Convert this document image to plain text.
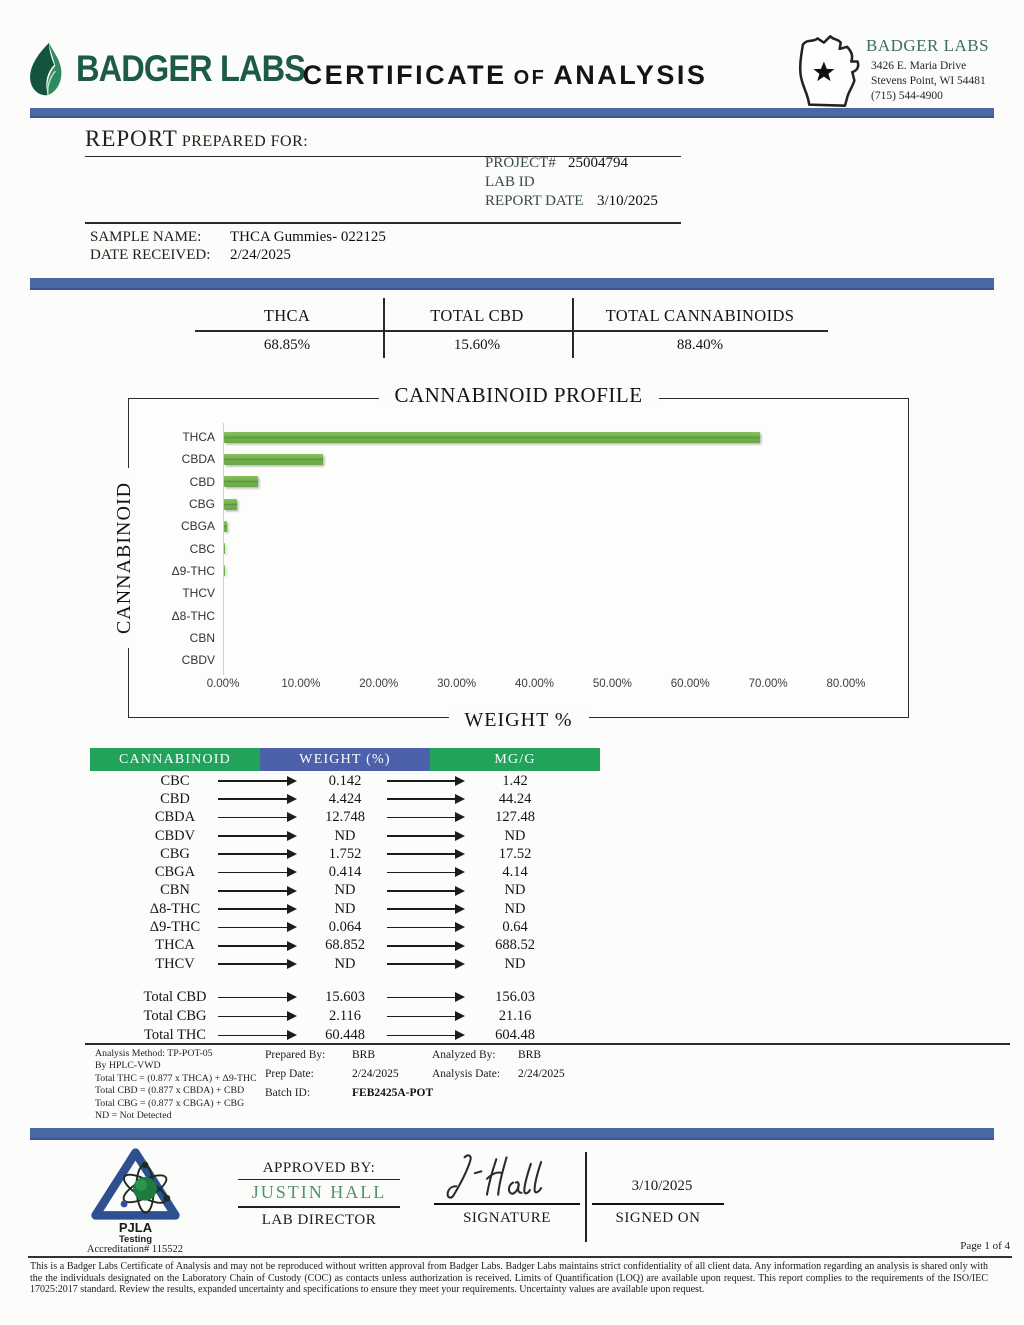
BADGER LABS
CERTIFICATE OF ANALYSIS
BADGER LABS
3426 E. Maria Drive
Stevens Point, WI 54481
(715) 544-4900
REPORT PREPARED FOR:
PROJECT# 25004794
LAB ID
REPORT DATE 3/10/2025
SAMPLE NAME: THCA Gummies- 022125
DATE RECEIVED: 2/24/2025
THCA	TOTAL CBD	TOTAL CANNABINOIDS
68.85%	15.60%	88.40%
CANNABINOID PROFILE
CANNABINOID
THCA
CBDA
CBD
CBG
CBGA
CBC
Δ9-THC
THCV
Δ8-THC
CBN
CBDV
0.00%	10.00%	20.00%	30.00%	40.00%	50.00%	60.00%	70.00%	80.00%
WEIGHT %
CANNABINOID	WEIGHT (%)	MG/G
CBC	0.142	1.42
CBD	4.424	44.24
CBDA	12.748	127.48
CBDV	ND	ND
CBG	1.752	17.52
CBGA	0.414	4.14
CBN	ND	ND
Δ8-THC	ND	ND
Δ9-THC	0.064	0.64
THCA	68.852	688.52
THCV	ND	ND
Total CBD	15.603	156.03
Total CBG	2.116	21.16
Total THC	60.448	604.48
Analysis Method: TP-POT-05
By HPLC-VWD
Total THC = (0.877 x THCA) + Δ9-THC
Total CBD = (0.877 x CBDA) + CBD
Total CBG = (0.877 x CBGA) + CBG
ND = Not Detected
Prepared By: BRB
Prep Date:	2/24/2025
Batch ID:	FEB2425A-POT
Analyzed By: BRB
Analysis Date: 2/24/2025
PJLA
Testing
Accreditation# 115522
APPROVED BY:
JUSTIN HALL
LAB DIRECTOR	SIGNATURE
3/10/2025
SIGNED ON
Page 1 of 4
This is a Badger Labs Certificate of Analysis and may not be reproduced without written approval from Badger Labs. Badger Labs maintains strict confidentiality of all client data. Any information regarding an analysis is shared only with the the individuals designated on the Laboratory Chain of Custody (COC) as contacts unless authorization is received. Limits of Quantification (LOQ) are available upon request. This report complies to the requirements of the ISO/IEC 17025:2017 standard. Review the results, expanded uncertainty and specifications to ensure they meet your requirements. Uncertainty values are available upon request.
